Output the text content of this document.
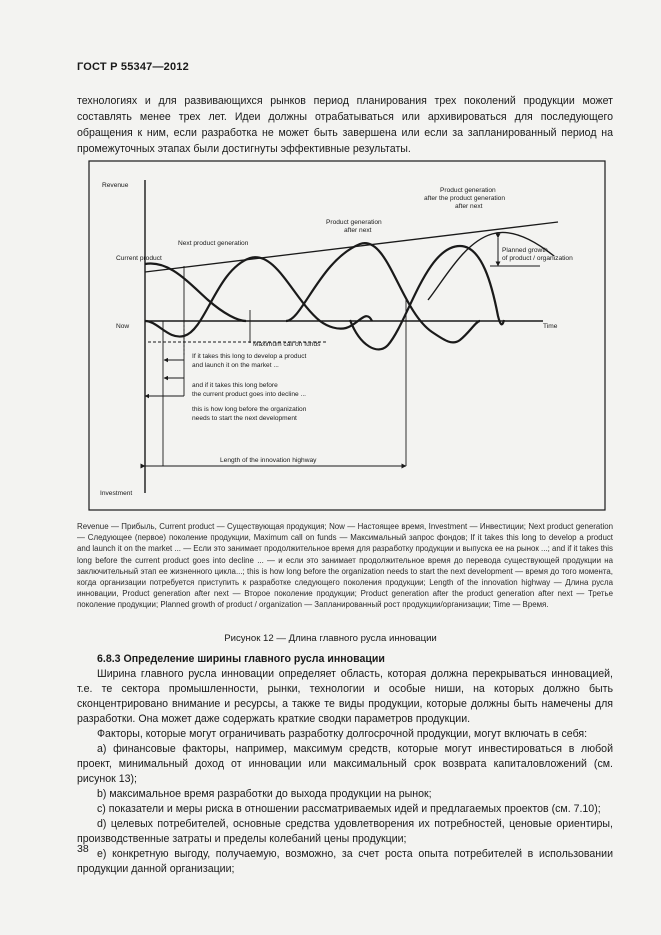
ГОСТ Р 55347—2012
технологиях и для развивающихся рынков период планирования трех поколений продукции может составлять менее трех лет. Идеи должны отрабатываться или архивироваться для последующего обращения к ним, если разработка не может быть завершена или если за запланированный период на промежуточных этапах были достигнуты эффективные результаты.
Revenue
Investment
Now	Time
Current product
Next product generation
Product generation
after next
Product generation
after the product generation
after next
Planned growth
of product / organization
Maximum call on funds
If it takes this long to develop a product
and launch it on the market ...
and if it takes this long before
the current product goes into decline ...
this is how long before the organization
needs to start the next development
Length of the innovation highway
Revenue — Прибыль, Current product — Существующая продукция; Now — Настоящее время, Investment — Инвестиции; Next product generation — Следующее (первое) поколение продукции, Maximum call on funds — Максимальный запрос фондов; If it takes this long to develop a product and launch it on the market ... — Если это занимает продолжительное время для разработку продукции и выпуска ее на рынок ...; and if it takes this long before the current product goes into decline ... — и если это занимает продолжительное время до перевода существующей продукции на заключительный этап ее жизненного цикла...; this is how long before the organization needs to start the next development — время до того момента, когда организации потребуется приступить к разработке следующего поколения продукции; Length of the innovation highway — Длина русла инновации, Product generation after next — Второе поколение продукции; Product generation after the product generation after next — Третье поколение продукции; Planned growth of product / organization — Запланированный рост продукции/организации; Time — Время.
Рисунок 12 — Длина главного русла инновации

6.8.3 Определение ширины главного русла инновации

Ширина главного русла инновации определяет область, которая должна перекрываться инновацией, т.е. те сектора промышленности, рынки, технологии и особые ниши, на которых должно быть сконцентрировано внимание и ресурсы, а также те виды продукции, которые должны быть намечены для разработки. Она может даже содержать краткие сводки параметров продукции.

Факторы, которые могут ограничивать разработку долгосрочной продукции, могут включать в себя:

а) финансовые факторы, например, максимум средств, которые могут инвестироваться в любой проект, минимальный доход от инновации или максимальный срок возврата капиталовложений (см. рисунок 13);

b) максимальное время разработки до выхода продукции на рынок;

c) показатели и меры риска в отношении рассматриваемых идей и предлагаемых проектов (см. 7.10);

d) целевых потребителей, основные средства удовлетворения их потребностей, ценовые ориентиры, производственные затраты и пределы колебаний цены продукции;

e) конкретную выгоду, получаемую, возможно, за счет роста опыта потребителей в использовании продукции данной организации;

38
